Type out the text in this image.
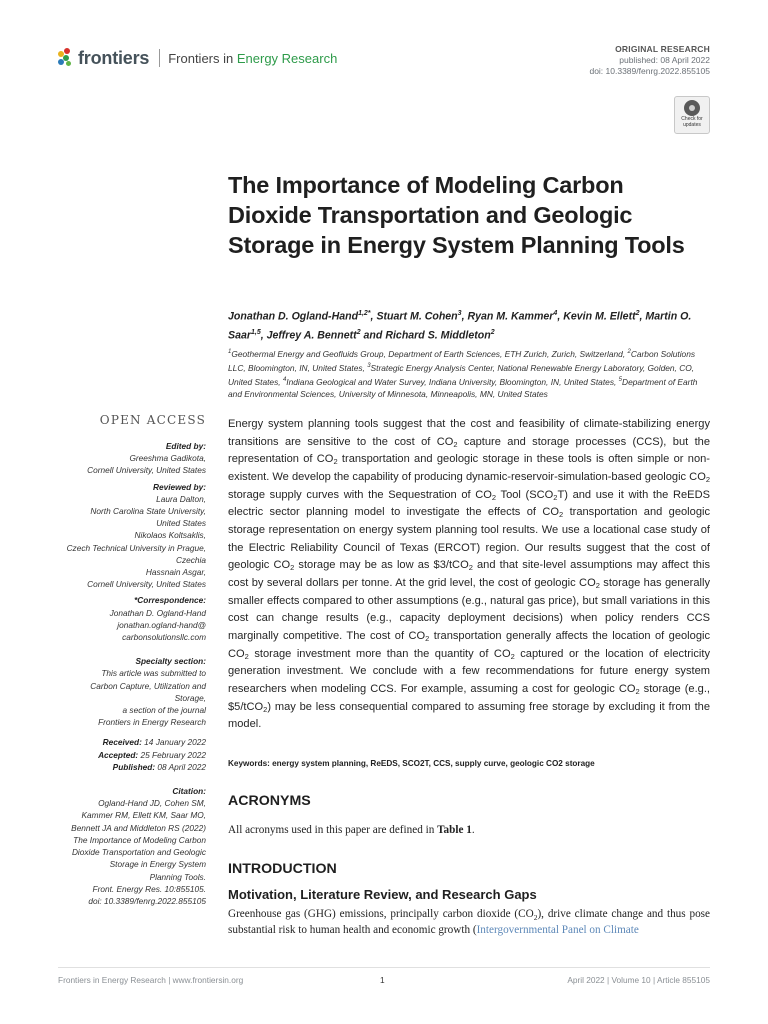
frontiers Frontiers in Energy Research
ORIGINAL RESEARCH
published: 08 April 2022
doi: 10.3389/fenrg.2022.855105
Check for
updates
The Importance of Modeling Carbon Dioxide Transportation and Geologic Storage in Energy System Planning Tools
Jonathan D. Ogland-Hand$^{1,2*}$, Stuart M. Cohen$^3$, Ryan M. Kammer$^4$, Kevin M. Ellett$^2$, Martin O. Saar$^{1,5}$, Jeffrey A. Bennett$^2$ and Richard S. Middleton$^2$
$^1$Geothermal Energy and Geofluids Group, Department of Earth Sciences, ETH Zurich, Zurich, Switzerland, $^2$Carbon Solutions LLC, Bloomington, IN, United States, $^3$Strategic Energy Analysis Center, National Renewable Energy Laboratory, Golden, CO, United States, $^4$Indiana Geological and Water Survey, Indiana University, Bloomington, IN, United States, $^5$Department of Earth and Environmental Sciences, University of Minnesota, Minneapolis, MN, United States
OPEN ACCESS
Edited by:
Greeshma Gadikota,
Cornell University, United States
Reviewed by:
Laura Dalton,
North Carolina State University,
United States
Nikolaos Koltsaklis,
Czech Technical University in Prague,
Czechia
Hassnain Asgar,
Cornell University, United States
*Correspondence:
Jonathan D. Ogland-Hand
jonathan.ogland-hand@
carbonsolutionsllc.com
Specialty section:
This article was submitted to
Carbon Capture, Utilization and
Storage,
a section of the journal
Frontiers in Energy Research
Received: 14 January 2022
Accepted: 25 February 2022
Published: 08 April 2022
Citation:
Ogland-Hand JD, Cohen SM,
Kammer RM, Ellett KM, Saar MO,
Bennett JA and Middleton RS (2022)
The Importance of Modeling Carbon
Dioxide Transportation and Geologic
Storage in Energy System
Planning Tools.
Front. Energy Res. 10:855105.
doi: 10.3389/fenrg.2022.855105
Energy system planning tools suggest that the cost and feasibility of climate-stabilizing energy transitions are sensitive to the cost of $CO_2$ capture and storage processes (CCS), but the representation of $CO_2$ transportation and geologic storage in these tools is often simple or non-existent. We develop the capability of producing dynamic-reservoir-simulation-based geologic $CO_2$ storage supply curves with the Sequestration of $CO_2$ Tool $(SCO_2T)$ and use it with the ReEDS electric sector planning model to investigate the effects of $CO_2$ transportation and geologic storage representation on energy system planning tool results. We use a locational case study of the Electric Reliability Council of Texas (ERCOT) region. Our results suggest that the cost of geologic $CO_2$ storage may be as low as $3/tCO$_2$ and that site-level assumptions may affect this cost by several dollars per tonne. At the grid level, the cost of geologic $CO_2$ storage has generally smaller effects compared to other assumptions (e.g., natural gas price), but small variations in this cost can change results (e.g., capacity deployment decisions) when policy renders CCS marginally competitive. The cost of $CO_2$ transportation generally affects the location of geologic $CO_2$ storage investment more than the quantity of $CO_2$ captured or the location of electricity generation investment. We conclude with a few recommendations for future energy system researchers when modeling CCS. For example, assuming a cost for geologic $CO_2$ storage (e.g., $5/tCO$_2$) may be less consequential compared to assuming free storage by excluding it from the model.
Keywords: energy system planning, ReEDS, SCO2T, CCS, supply curve, geologic CO2 storage
ACRONYMS
All acronyms used in this paper are defined in Table 1.
INTRODUCTION
Motivation, Literature Review, and Research Gaps
Greenhouse gas (GHG) emissions, principally carbon dioxide $(CO_2)$, drive climate change and thus pose substantial risk to human health and economic growth (Intergovernmental Panel on Climate
Frontiers in Energy Research | www.frontiersin.org	1	April 2022 | Volume 10 | Article 855105
